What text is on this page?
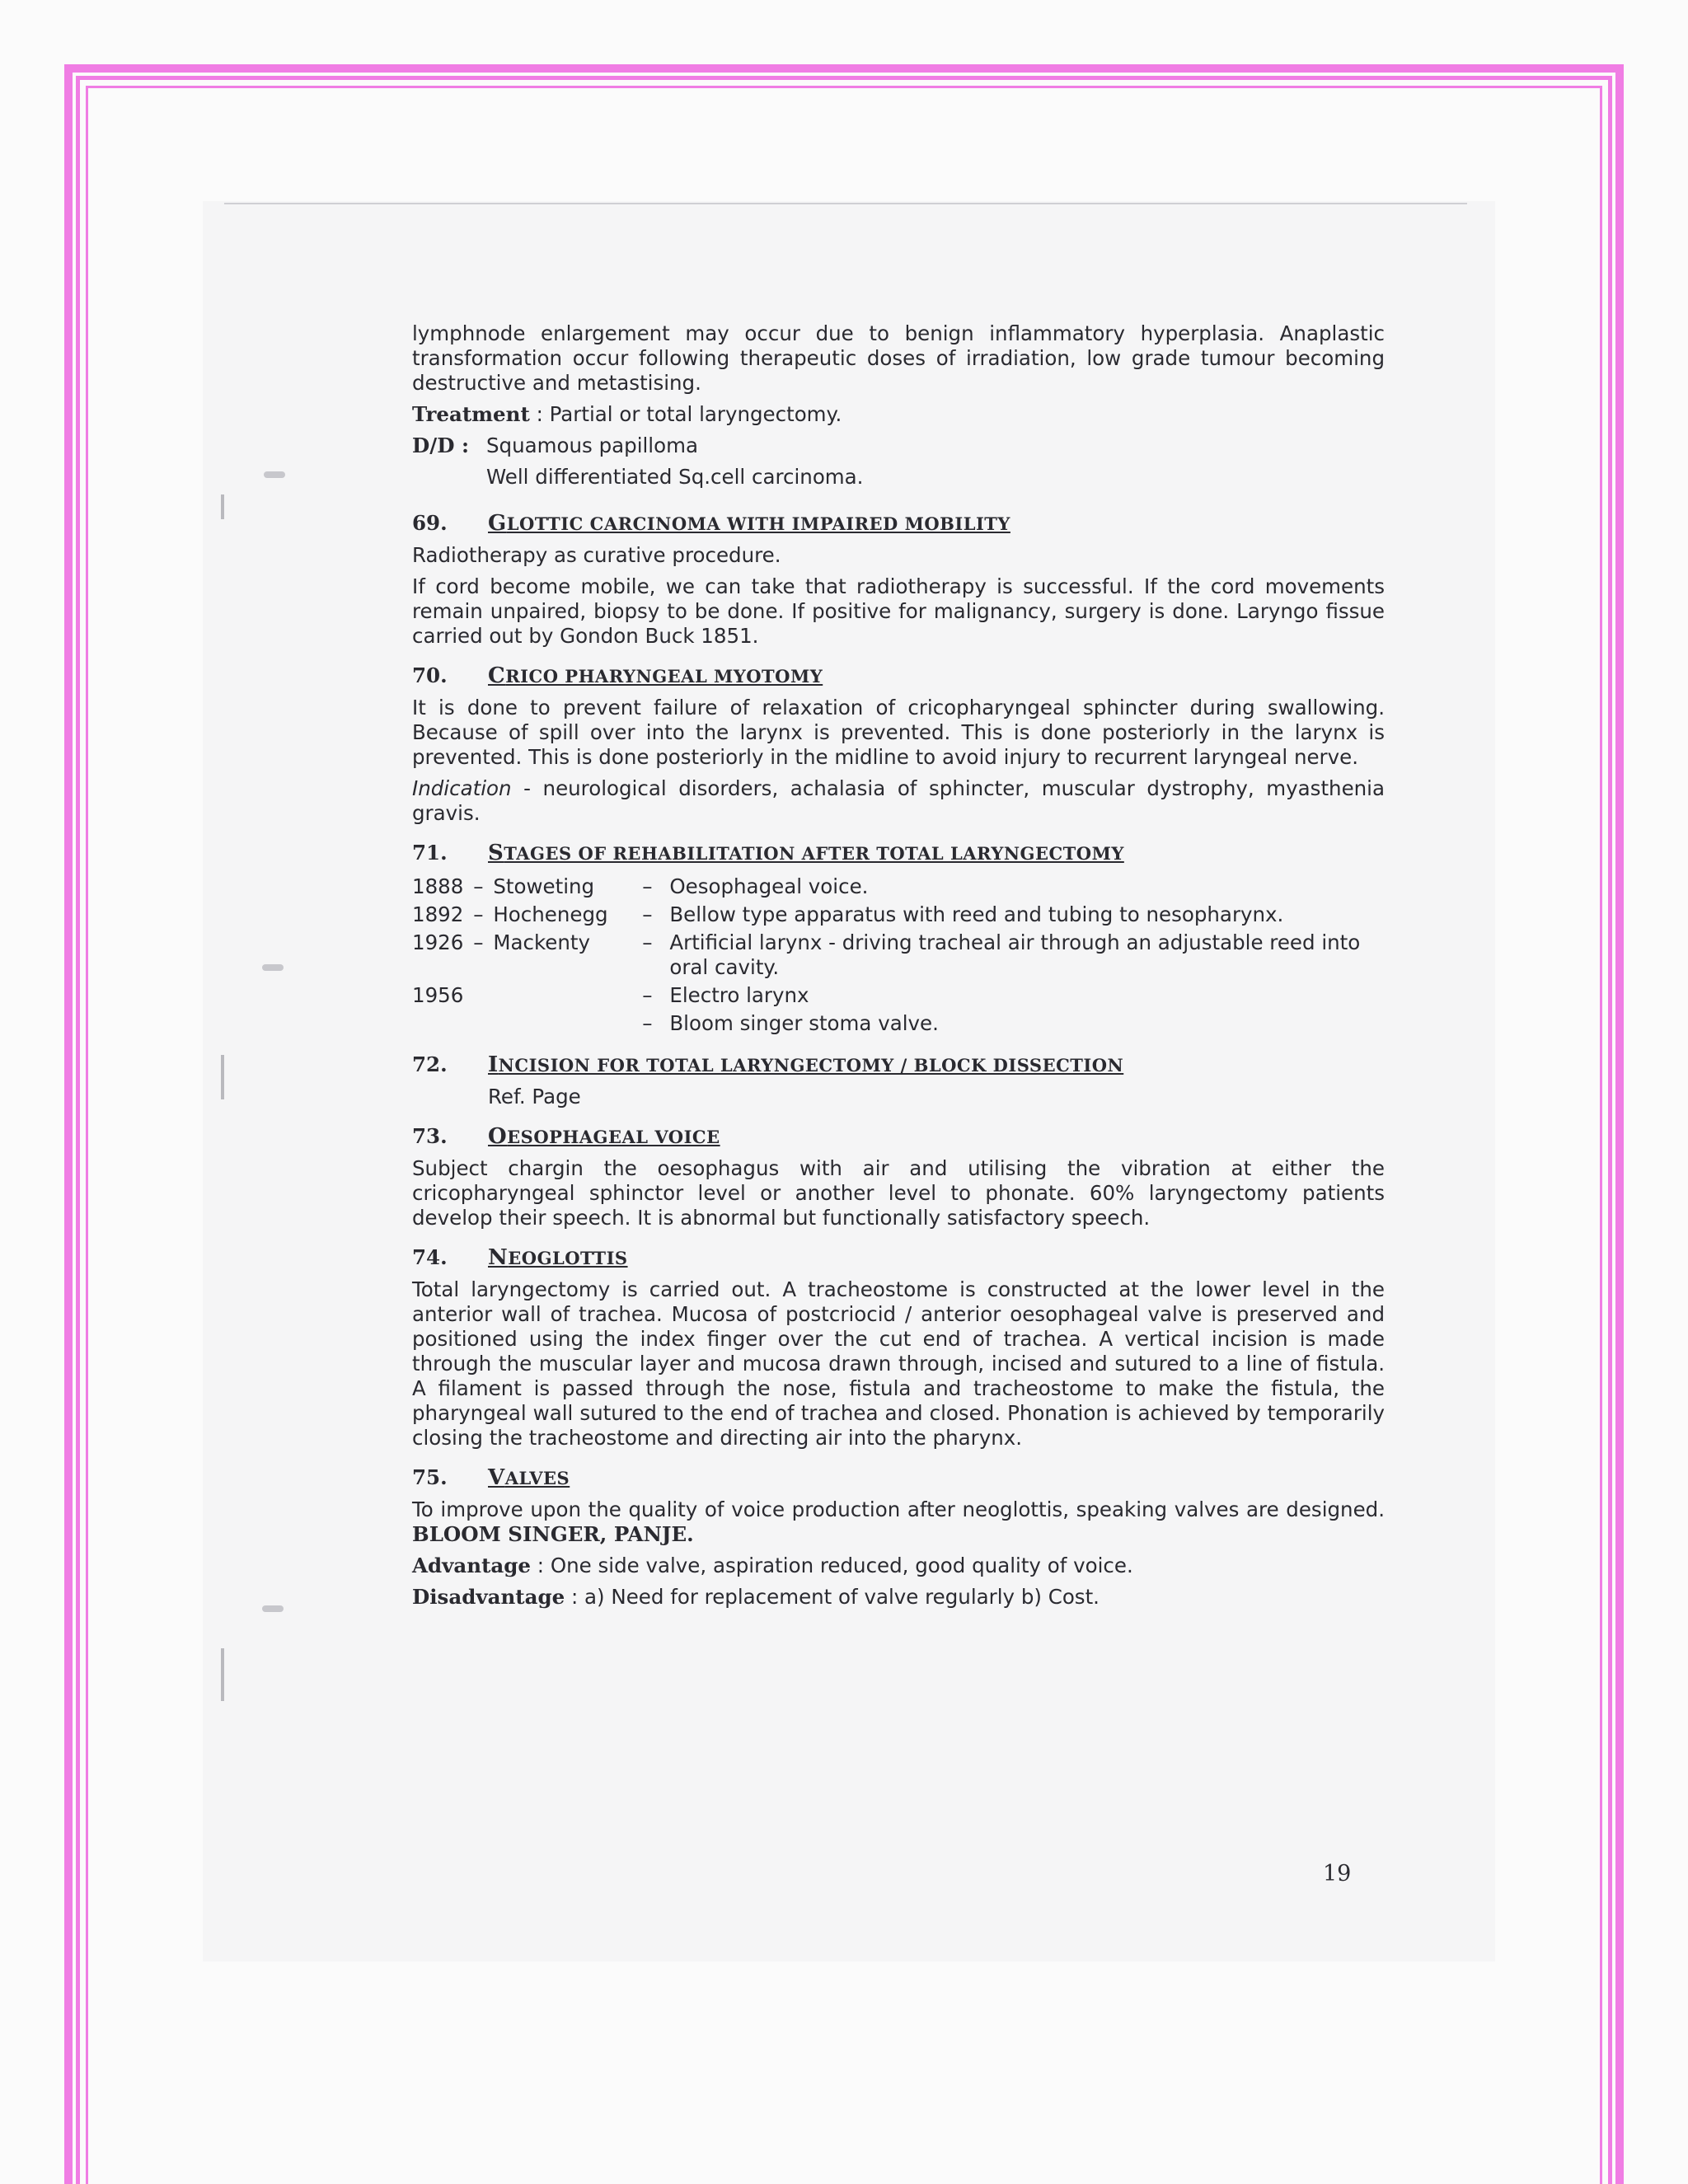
lymphnode enlargement may occur due to benign inflammatory hyperplasia. Anaplastic transformation occur following therapeutic doses of irradiation, low grade tumour becoming destructive and metastising.

Treatment : Partial or total laryngectomy.
D/D : Squamous papilloma
Well differentiated Sq.cell carcinoma.
69.	GLOTTIC CARCINOMA WITH IMPAIRED MOBILITY

Radiotherapy as curative procedure.

If cord become mobile, we can take that radiotherapy is successful. If the cord movements remain unpaired, biopsy to be done. If positive for malignancy, surgery is done. Laryngo fissue carried out by Gondon Buck 1851.

70.	CRICO PHARYNGEAL MYOTOMY

It is done to prevent failure of relaxation of cricopharyngeal sphincter during swallowing. Because of spill over into the larynx is prevented. This is done posteriorly in the larynx is prevented. This is done posteriorly in the midline to avoid injury to recurrent laryngeal nerve.

Indication - neurological disorders, achalasia of sphincter, muscular dystrophy, myasthenia gravis.

71.	STAGES OF REHABILITATION AFTER TOTAL LARYNGECTOMY
1888	–	Stoweting	–	Oesophageal voice.
1892	–	Hochenegg	–	Bellow type apparatus with reed and tubing to nesopharynx.
1926	–	Mackenty	–	Artificial larynx - driving tracheal air through an adjustable reed into oral cavity.
1956			–	Electro larynx
			–	Bloom singer stoma valve.
72.	INCISION FOR TOTAL LARYNGECTOMY / BLOCK DISSECTION
Ref. Page
73.	OESOPHAGEAL VOICE

Subject chargin the oesophagus with air and utilising the vibration at either the cricopharyngeal sphinctor level or another level to phonate. 60% laryngectomy patients develop their speech. It is abnormal but functionally satisfactory speech.

74.	NEOGLOTTIS

Total laryngectomy is carried out. A tracheostome is constructed at the lower level in the anterior wall of trachea. Mucosa of postcriocid / anterior oesophageal valve is preserved and positioned using the index finger over the cut end of trachea. A vertical incision is made through the muscular layer and mucosa drawn through, incised and sutured to a line of fistula. A filament is passed through the nose, fistula and tracheostome to make the fistula, the pharyngeal wall sutured to the end of trachea and closed. Phonation is achieved by temporarily closing the tracheostome and directing air into the pharynx.

75.	VALVES

To improve upon the quality of voice production after neoglottis, speaking valves are designed. BLOOM SINGER, PANJE.

Advantage
: One side valve, aspiration reduced, good quality of voice.
Disadvantage
: a) Need for replacement of valve regularly b) Cost.
19
